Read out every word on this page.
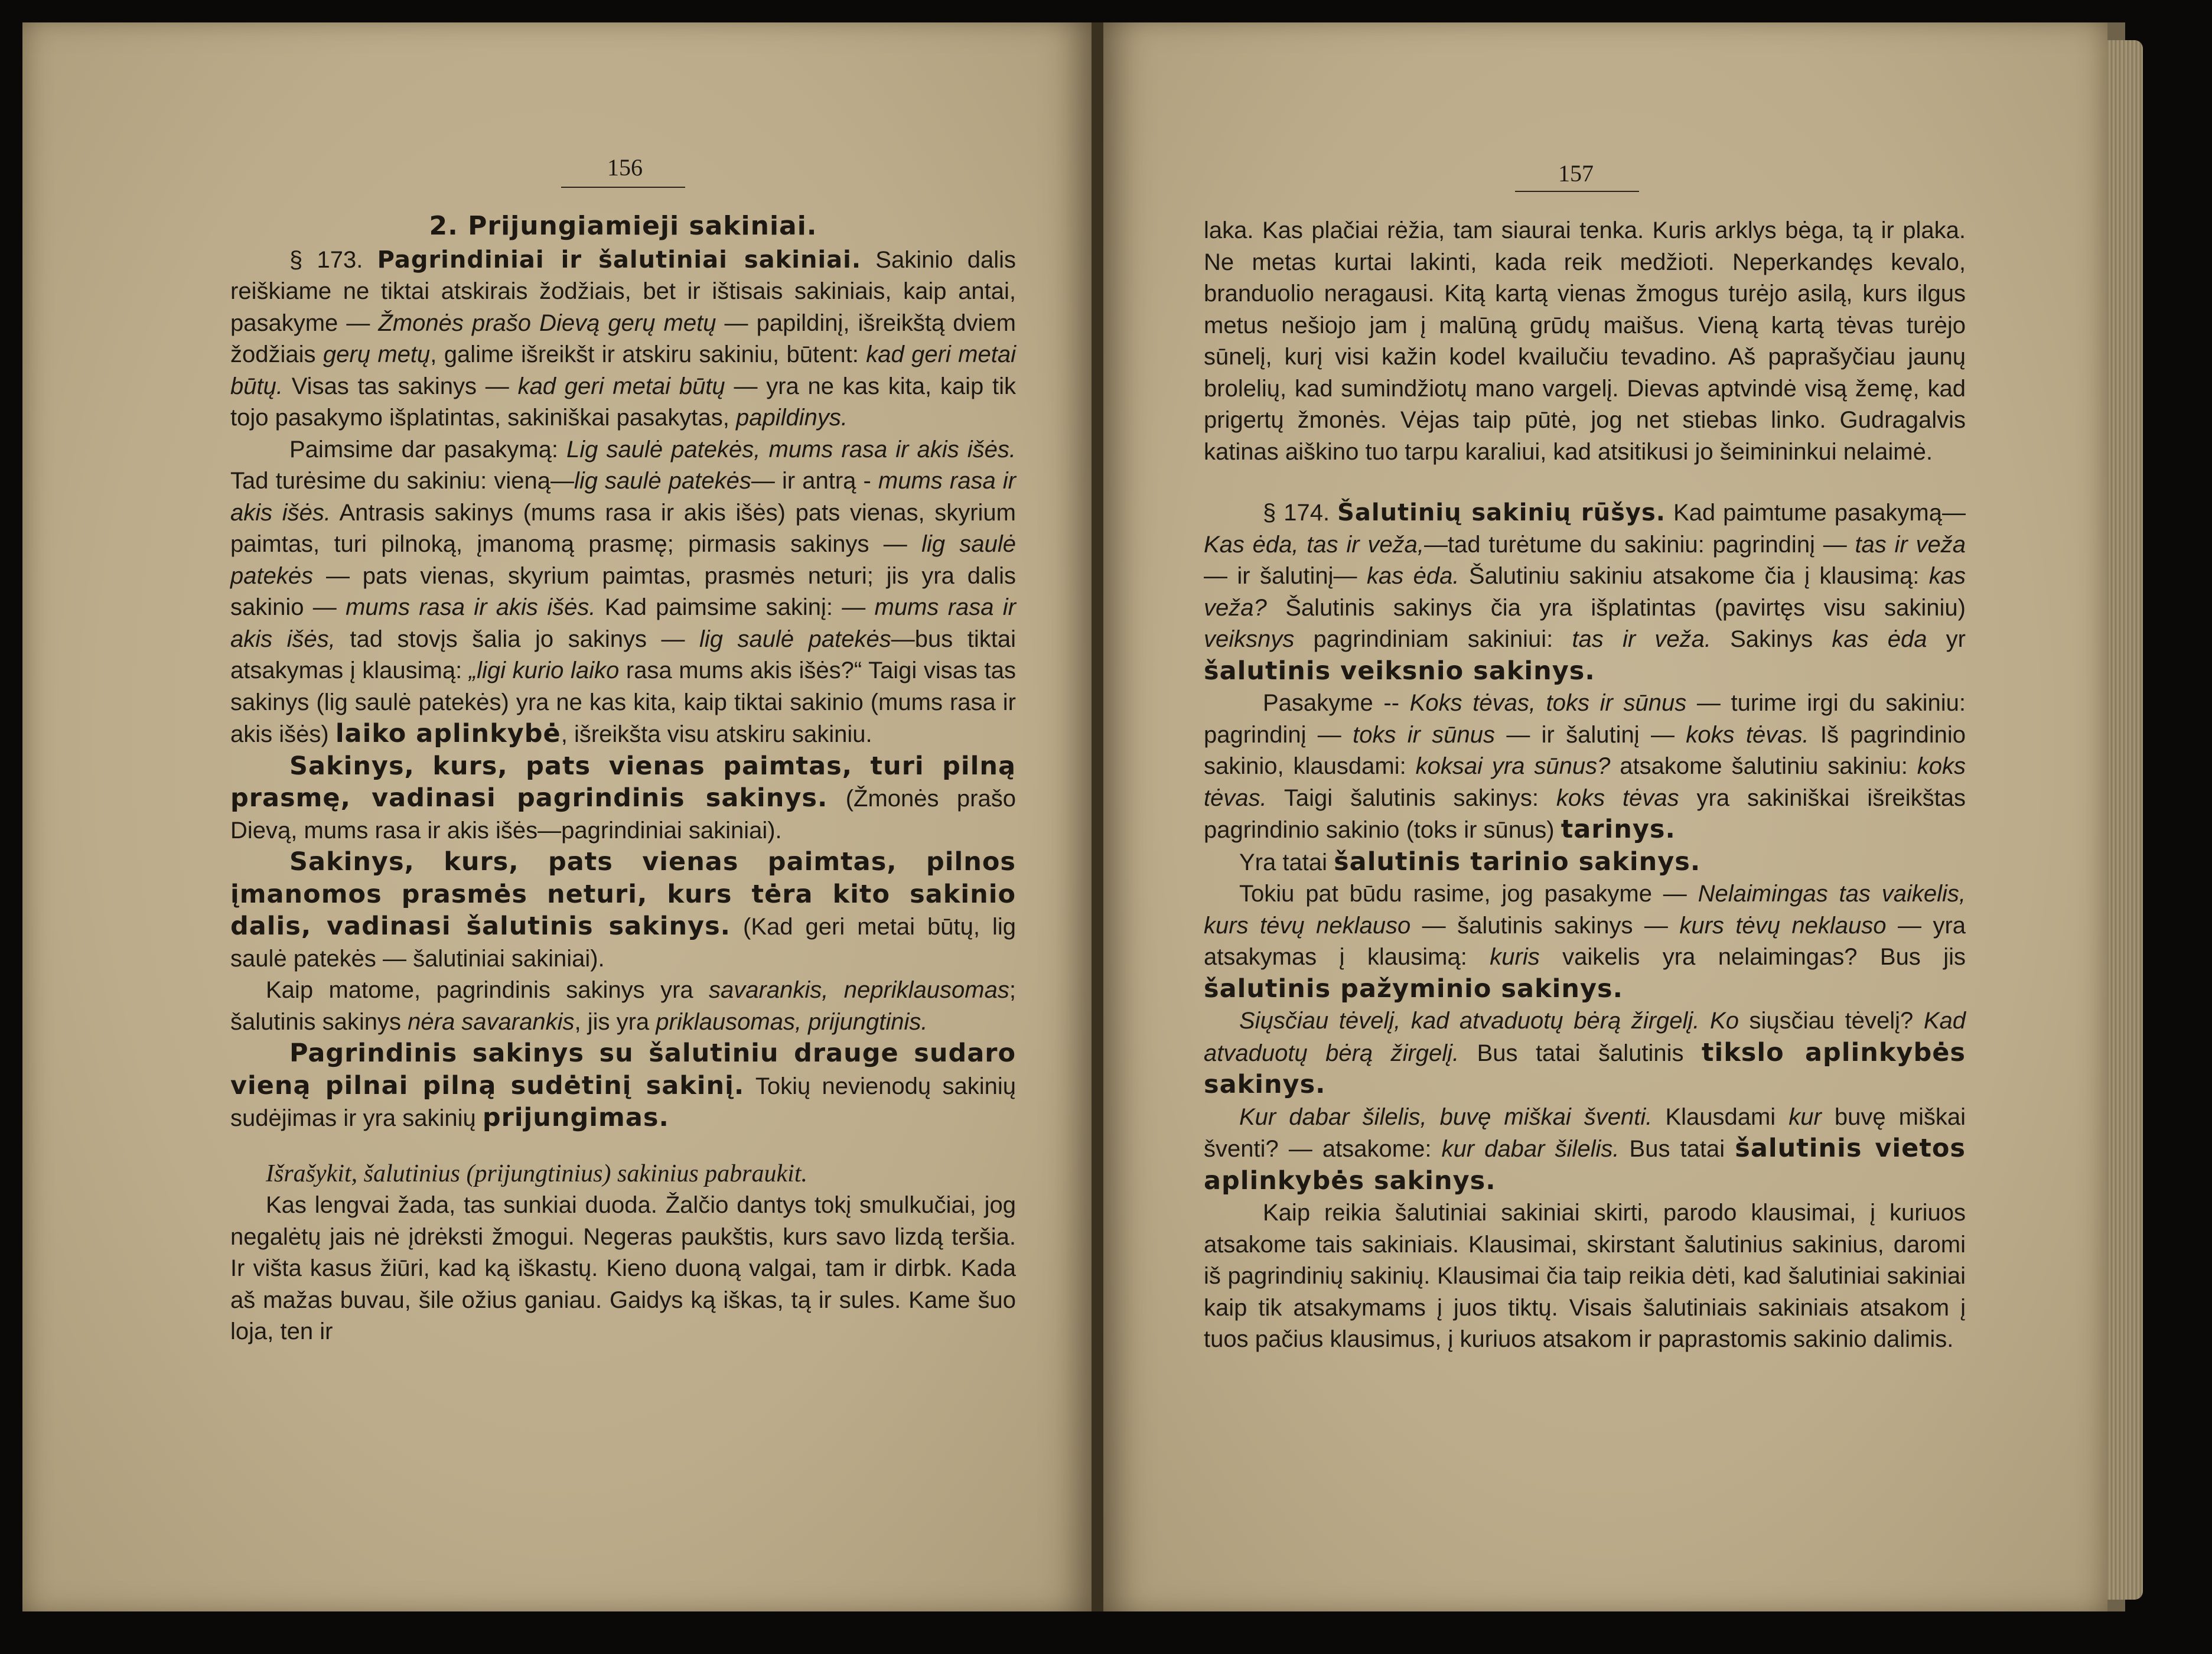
156
2. Prijungiamieji sakiniai.

§ 173. Pagrindiniai ir šalutiniai sakiniai. Sakinio dalis reiškiame ne tiktai atskirais žodžiais, bet ir ištisais sakiniais, kaip antai, pasakyme — Žmonės prašo Dievą gerų metų — papildinį, išreikštą dviem žodžiais gerų metų, galime išreikšt ir atskiru sakiniu, būtent: kad geri metai būtų. Visas tas sakinys — kad geri metai būtų — yra ne kas kita, kaip tik tojo pasakymo išplatintas, sakiniškai pasakytas, papildinys.

Paimsime dar pasakymą: Lig saulė patekės, mums rasa ir akis išės. Tad turėsime du sakiniu: vieną—lig saulė patekės— ir antrą - mums rasa ir akis išės. Antrasis sakinys (mums rasa ir akis išės) pats vienas, skyrium paimtas, turi pilnoką, įmanomą prasmę; pirmasis sakinys — lig saulė patekės — pats vienas, skyrium paimtas, prasmės neturi; jis yra dalis sakinio — mums rasa ir akis išės. Kad paimsime sakinį: — mums rasa ir akis išės, tad stovįs šalia jo sakinys — lig saulė patekės—bus tiktai atsakymas į klausimą: „ligi kurio laiko rasa mums akis išės?“ Taigi visas tas sakinys (lig saulė patekės) yra ne kas kita, kaip tiktai sakinio (mums rasa ir akis išės) laiko aplinkybė, išreikšta visu atskiru sakiniu.

Sakinys, kurs, pats vienas paimtas, turi pilną prasmę, vadinasi pagrindinis sakinys. (Žmonės prašo Dievą, mums rasa ir akis išės—pagrindiniai sakiniai).

Sakinys, kurs, pats vienas paimtas, pilnos įmanomos prasmės neturi, kurs tėra kito sakinio dalis, vadinasi šalutinis sakinys. (Kad geri metai būtų, lig saulė patekės — šalutiniai sakiniai).

Kaip matome, pagrindinis sakinys yra savarankis, nepriklausomas; šalutinis sakinys nėra savarankis, jis yra priklausomas, prijungtinis.

Pagrindinis sakinys su šalutiniu drauge sudaro vieną pilnai pilną sudėtinį sakinį. Tokių nevienodų sakinių sudėjimas ir yra sakinių prijungimas.

Išrašykit, šalutinius (prijungtinius) sakinius pabraukit.

Kas lengvai žada, tas sunkiai duoda. Žalčio dantys tokį smulkučiai, jog negalėtų jais nė įdrėksti žmogui. Negeras paukštis, kurs savo lizdą teršia. Ir višta kasus žiūri, kad ką iškastų. Kieno duoną valgai, tam ir dirbk. Kada aš mažas buvau, šile ožius ganiau. Gaidys ką iškas, tą ir sules. Kame šuo loja, ten ir

157

laka. Kas plačiai rėžia, tam siaurai tenka. Kuris arklys bėga, tą ir plaka. Ne metas kurtai lakinti, kada reik medžioti. Neperkandęs kevalo, branduolio neragausi. Kitą kartą vienas žmogus turėjo asilą, kurs ilgus metus nešiojo jam į malūną grūdų maišus. Vieną kartą tėvas turėjo sūnelį, kurį visi kažin kodel kvailučiu tevadino. Aš paprašyčiau jaunų brolelių, kad sumindžiotų mano vargelį. Dievas aptvindė visą žemę, kad prigertų žmonės. Vėjas taip pūtė, jog net stiebas linko. Gudragalvis katinas aiškino tuo tarpu karaliui, kad atsitikusi jo šeimininkui nelaimė.

§ 174. Šalutinių sakinių rūšys. Kad paimtume pasakymą—Kas ėda, tas ir veža,—tad turėtume du sakiniu: pagrindinį — tas ir veža — ir šalutinį— kas ėda. Šalutiniu sakiniu atsakome čia į klausimą: kas veža? Šalutinis sakinys čia yra išplatintas (pavirtęs visu sakiniu) veiksnys pagrindiniam sakiniui: tas ir veža. Sakinys kas ėda yr šalutinis veiksnio sakinys.

Pasakyme -- Koks tėvas, toks ir sūnus — turime irgi du sakiniu: pagrindinį — toks ir sūnus — ir šalutinį — koks tėvas. Iš pagrindinio sakinio, klausdami: koksai yra sūnus? atsakome šalutiniu sakiniu: koks tėvas. Taigi šalutinis sakinys: koks tėvas yra sakiniškai išreikštas pagrindinio sakinio (toks ir sūnus) tarinys.

Yra tatai šalutinis tarinio sakinys.

Tokiu pat būdu rasime, jog pasakyme — Nelaimingas tas vaikelis, kurs tėvų neklauso — šalutinis sakinys — kurs tėvų neklauso — yra atsakymas į klausimą: kuris vaikelis yra nelaimingas? Bus jis šalutinis pažyminio sakinys.

Siųsčiau tėvelį, kad atvaduotų bėrą žirgelį. Ko siųsčiau tėvelį? Kad atvaduotų bėrą žirgelį. Bus tatai šalutinis tikslo aplinkybės sakinys.

Kur dabar šilelis, buvę miškai šventi. Klausdami kur buvę miškai šventi? — atsakome: kur dabar šilelis. Bus tatai šalutinis vietos aplinkybės sakinys.

Kaip reikia šalutiniai sakiniai skirti, parodo klausimai, į kuriuos atsakome tais sakiniais. Klausimai, skirstant šalutinius sakinius, daromi iš pagrindinių sakinių. Klausimai čia taip reikia dėti, kad šalutiniai sakiniai kaip tik atsakymams į juos tiktų. Visais šalutiniais sakiniais atsakom į tuos pačius klausimus, į kuriuos atsakom ir paprastomis sakinio dalimis.
